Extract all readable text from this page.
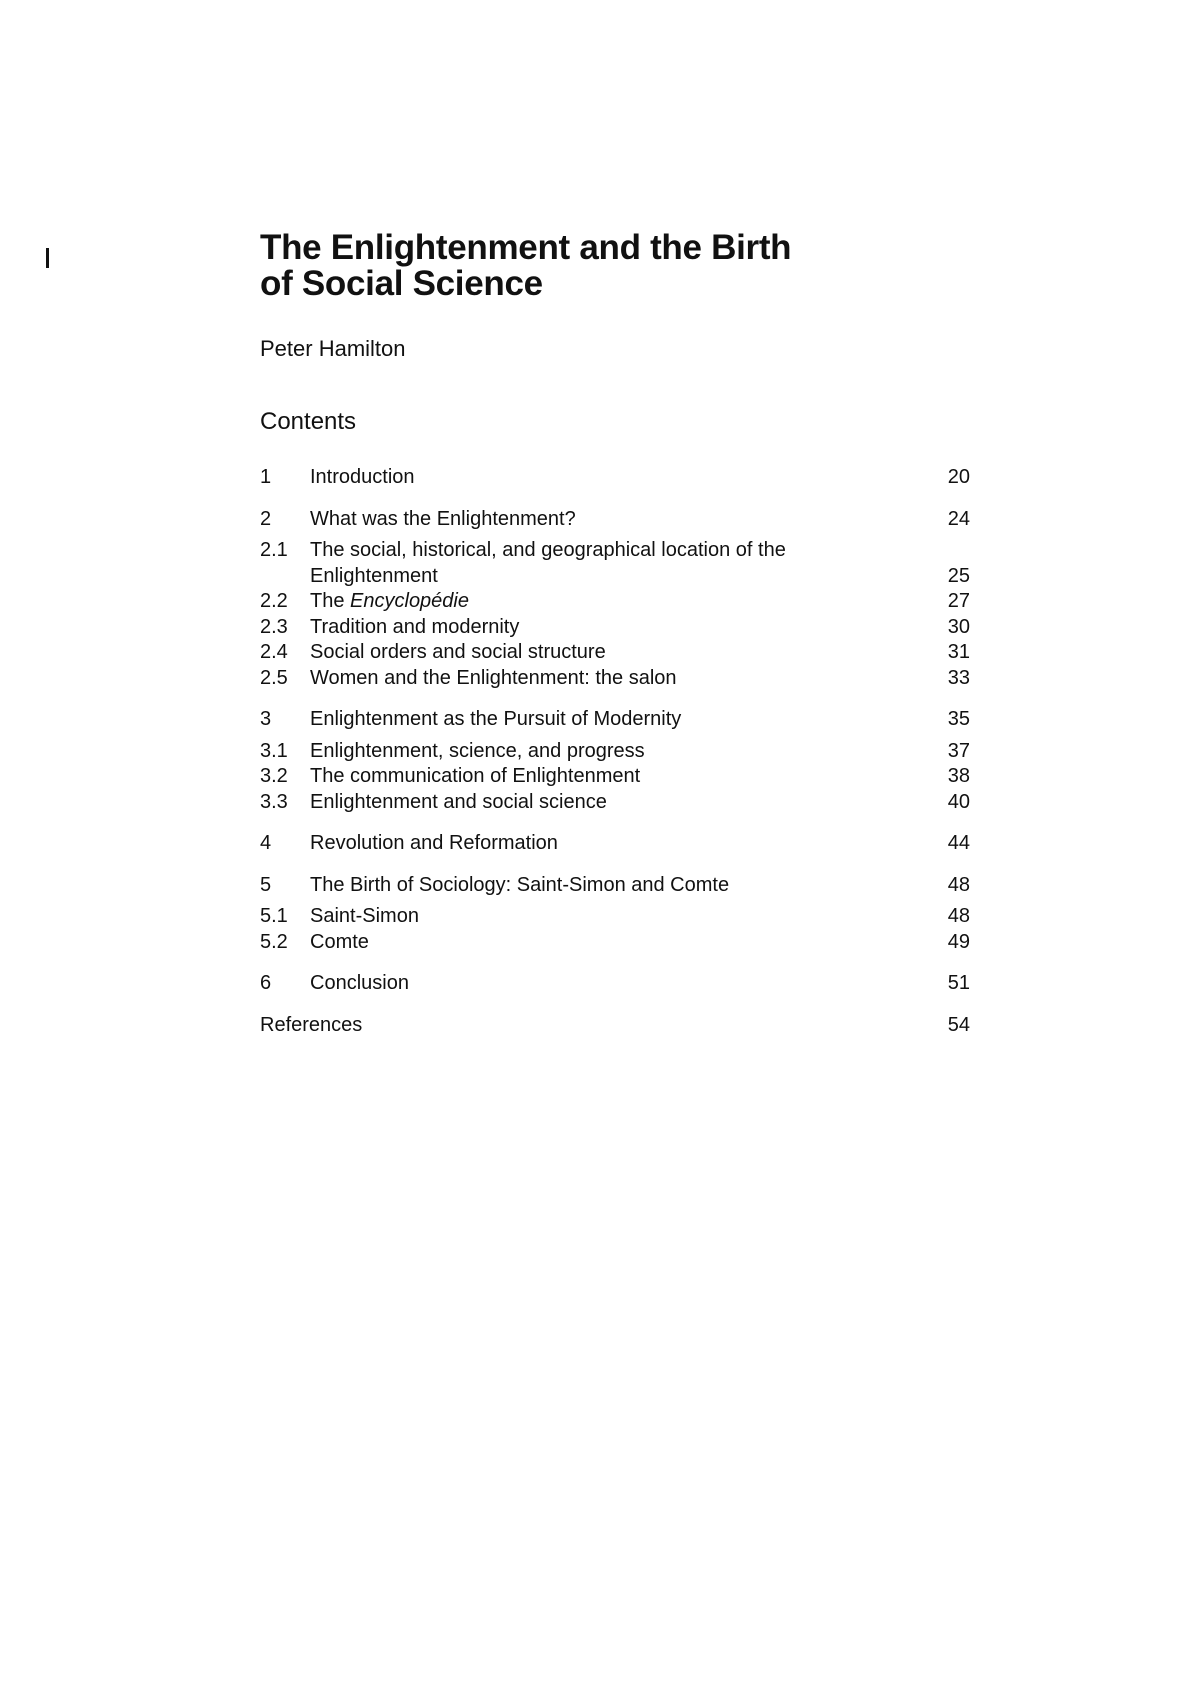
The Enlightenment and the Birth
of Social Science
Peter Hamilton
Contents
1	Introduction	20
2	What was the Enlightenment?	24
2.1	The social, historical, and geographical location of the Enlightenment	25
2.2	The Encyclopédie	27
2.3	Tradition and modernity	30
2.4	Social orders and social structure	31
2.5	Women and the Enlightenment: the salon	33
3	Enlightenment as the Pursuit of Modernity	35
3.1	Enlightenment, science, and progress	37
3.2	The communication of Enlightenment	38
3.3	Enlightenment and social science	40
4	Revolution and Reformation	44
5	The Birth of Sociology: Saint-Simon and Comte	48
5.1	Saint-Simon	48
5.2	Comte	49
6	Conclusion	51
References	54
